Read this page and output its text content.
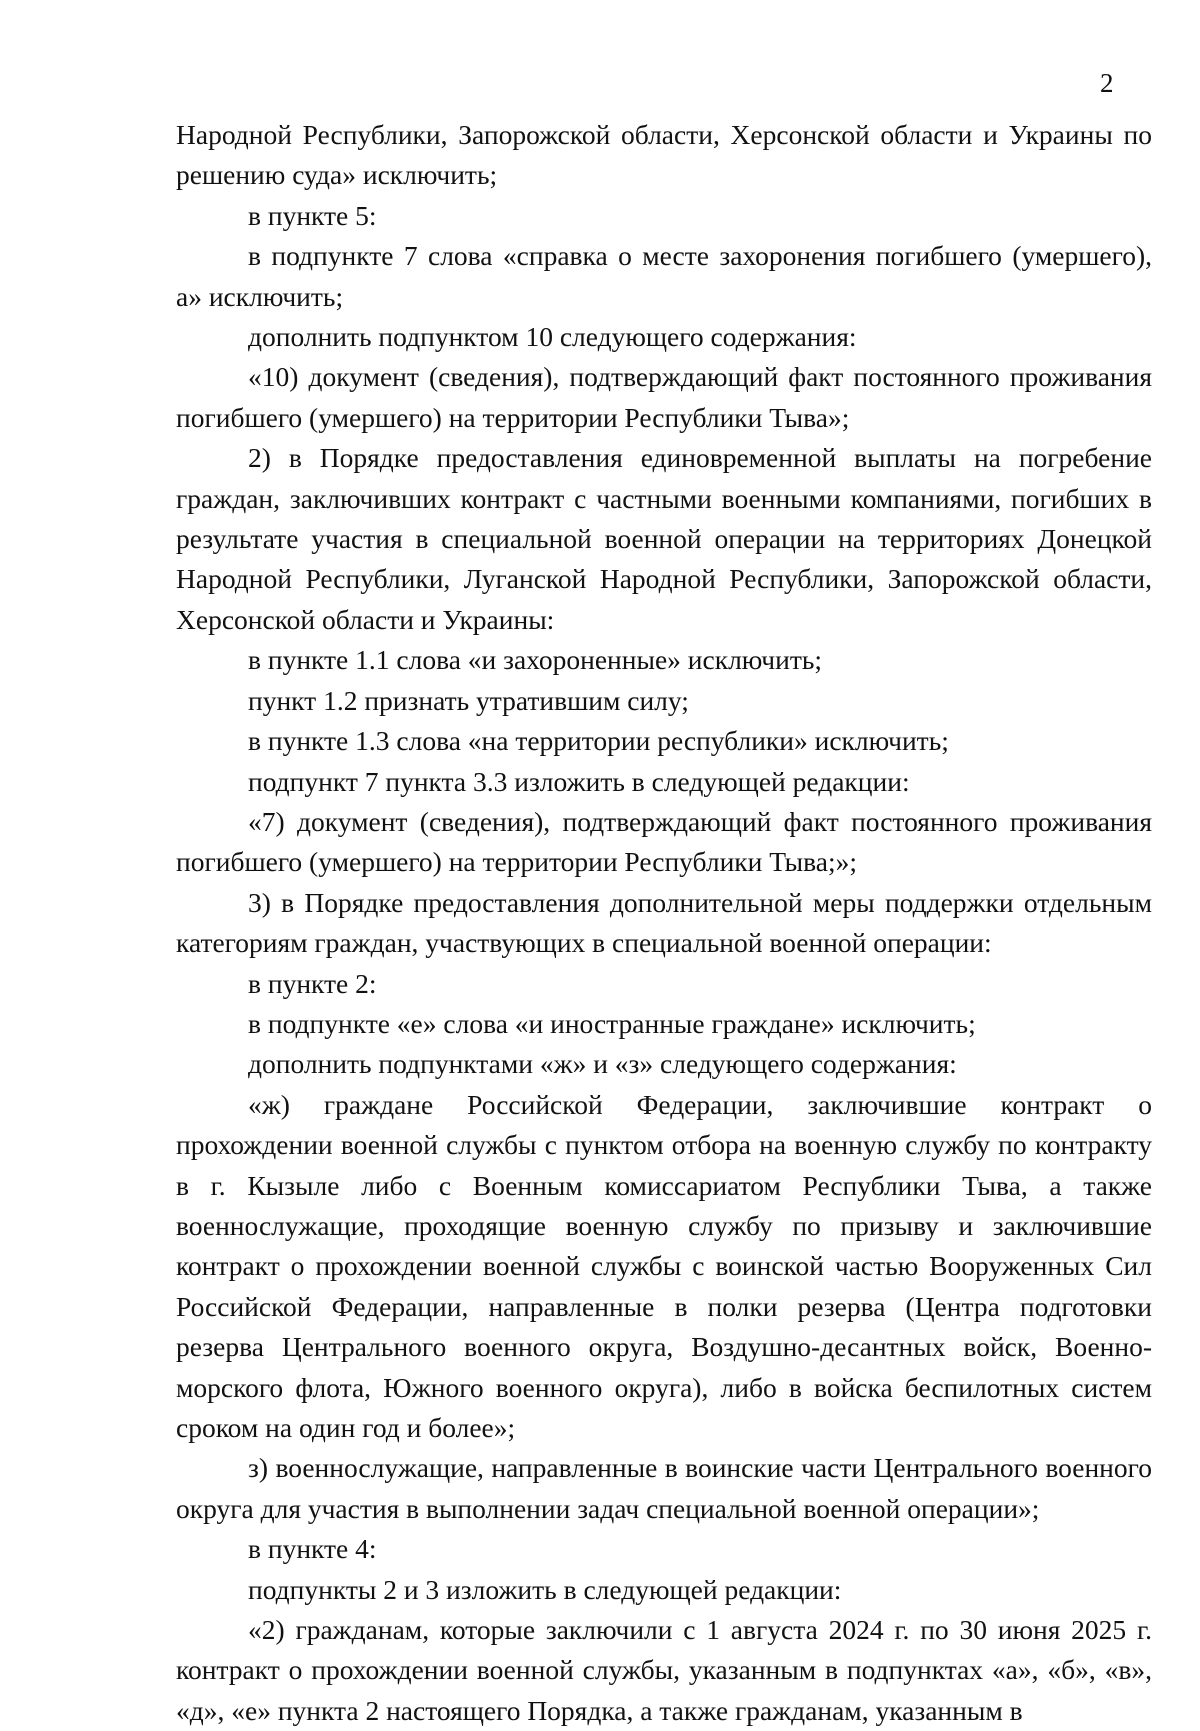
2

Народной Республики, Запорожской области, Херсонской области и Украины по решению суда» исключить;

в пункте 5:

в подпункте 7 слова «справка о месте захоронения погибшего (умершего), а» исключить;

дополнить подпунктом 10 следующего содержания:

«10) документ (сведения), подтверждающий факт постоянного проживания погибшего (умершего) на территории Республики Тыва»;

2) в Порядке предоставления единовременной выплаты на погребение граждан, заключивших контракт с частными военными компаниями, погибших в результате участия в специальной военной операции на территориях Донецкой Народной Республики, Луганской Народной Республики, Запорожской области, Херсонской области и Украины:

в пункте 1.1 слова «и захороненные» исключить;

пункт 1.2 признать утратившим силу;

в пункте 1.3 слова «на территории республики» исключить;

подпункт 7 пункта 3.3 изложить в следующей редакции:

«7) документ (сведения), подтверждающий факт постоянного проживания погибшего (умершего) на территории Республики Тыва;»;

3) в Порядке предоставления дополнительной меры поддержки отдельным категориям граждан, участвующих в специальной военной операции:

в пункте 2:

в подпункте «е» слова «и иностранные граждане» исключить;

дополнить подпунктами «ж» и «з» следующего содержания:

«ж) граждане Российской Федерации, заключившие контракт о прохождении военной службы с пунктом отбора на военную службу по контракту в г. Кызыле либо с Военным комиссариатом Республики Тыва, а также военнослужащие, проходящие военную службу по призыву и заключившие контракт о прохождении военной службы с воинской частью Вооруженных Сил Российской Федерации, направленные в полки резерва (Центра подготовки резерва Центрального военного округа, Воздушно-десантных войск, Военно-морского флота, Южного военного округа), либо в войска беспилотных систем сроком на один год и более»;

з) военнослужащие, направленные в воинские части Центрального военного округа для участия в выполнении задач специальной военной операции»;

в пункте 4:

подпункты 2 и 3 изложить в следующей редакции:

«2) гражданам, которые заключили с 1 августа 2024 г. по 30 июня 2025 г. контракт о прохождении военной службы, указанным в подпунктах «а», «б», «в», «д», «е» пункта 2 настоящего Порядка, а также гражданам, указанным в
